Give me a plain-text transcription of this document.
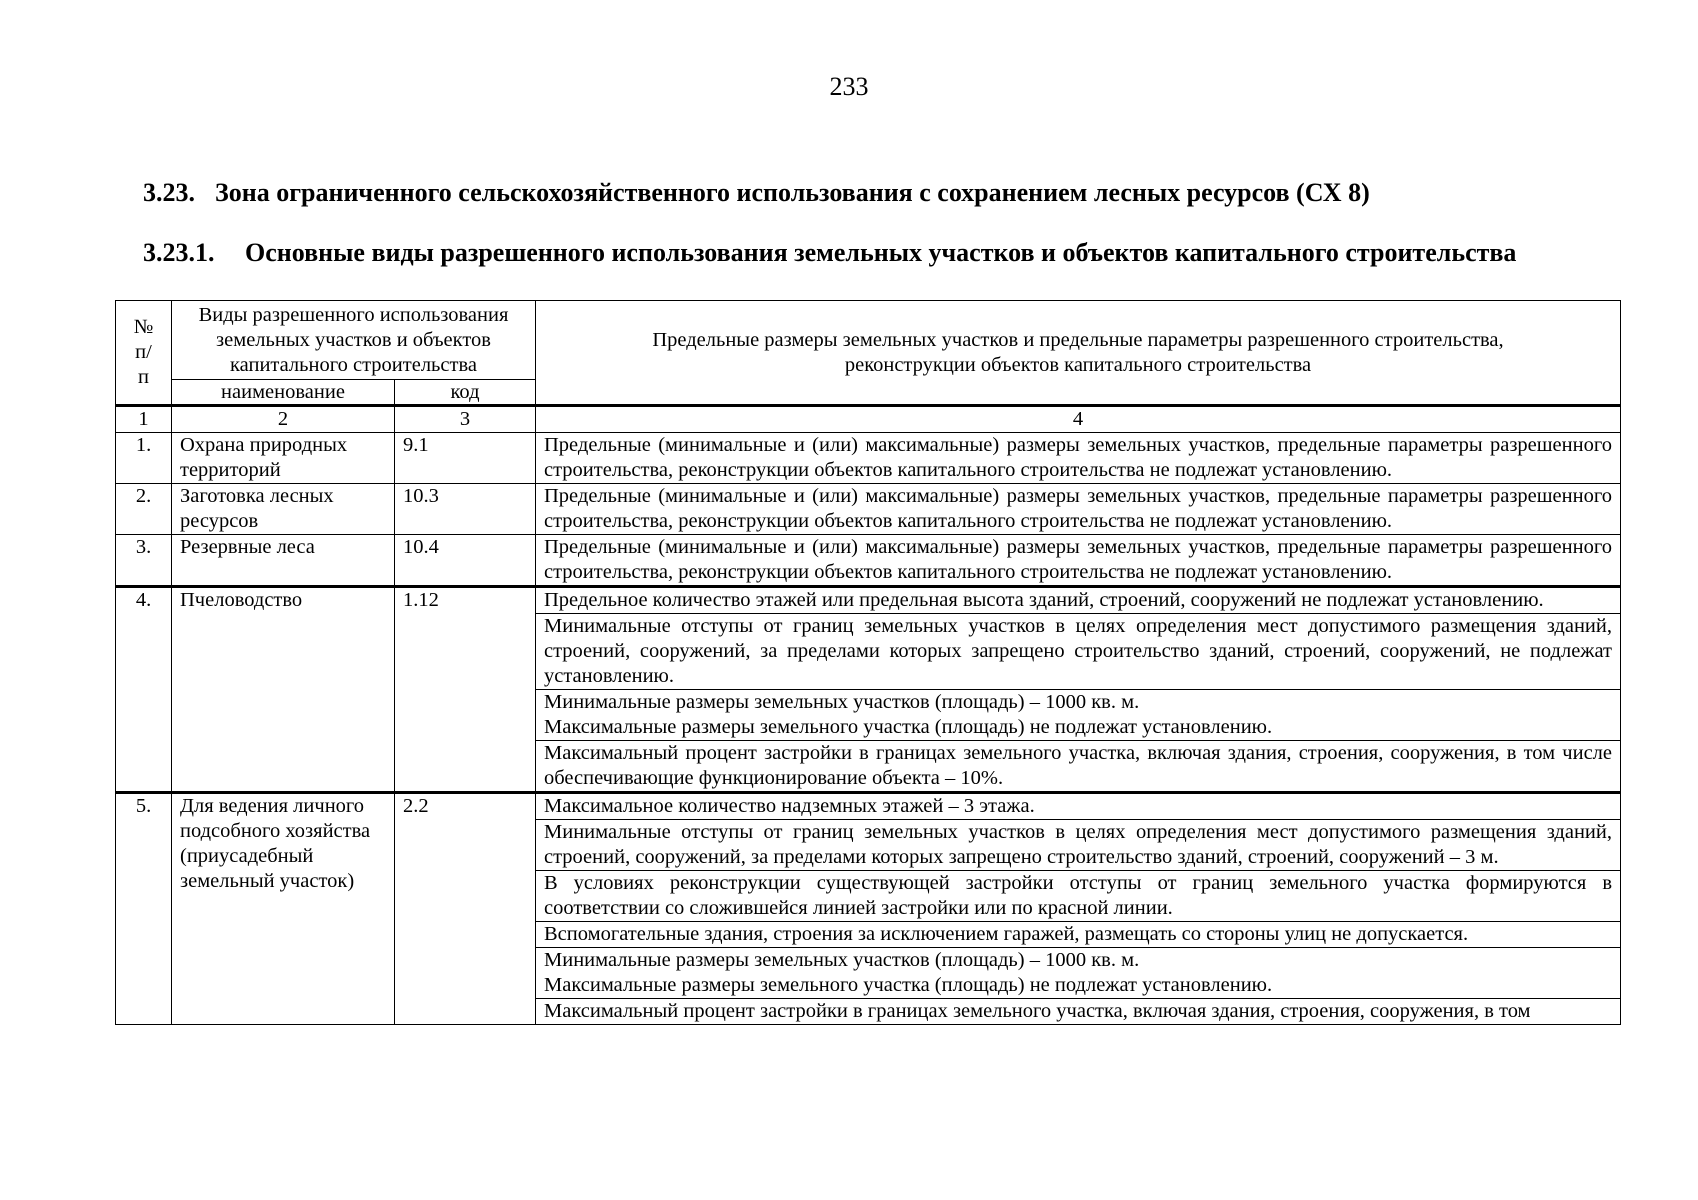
233
3.23. Зона ограниченного сельскохозяйственного использования с сохранением лесных ресурсов (СХ 8)
3.23.1. Основные виды разрешенного использования земельных участков и объектов капитального строительства
№ п/п	Виды разрешенного использования земельных участков и объектов капитального строительства		Предельные размеры земельных участков и предельные параметры разрешенного строительства, реконструкции объектов капитального строительства
	наименование	код	
1	2	3	4
1.	Охрана природных территорий	9.1	Предельные (минимальные и (или) максимальные) размеры земельных участков, предельные параметры разрешенного строительства, реконструкции объектов капитального строительства не подлежат установлению.
2.	Заготовка лесных ресурсов	10.3	Предельные (минимальные и (или) максимальные) размеры земельных участков, предельные параметры разрешенного строительства, реконструкции объектов капитального строительства не подлежат установлению.
3.	Резервные леса	10.4	Предельные (минимальные и (или) максимальные) размеры земельных участков, предельные параметры разрешенного строительства, реконструкции объектов капитального строительства не подлежат установлению.
4.	Пчеловодство	1.12	Предельное количество этажей или предельная высота зданий, строений, сооружений не подлежат установлению.
			Минимальные отступы от границ земельных участков в целях определения мест допустимого размещения зданий, строений, сооружений, за пределами которых запрещено строительство зданий, строений, сооружений, не подлежат установлению.
			Минимальные размеры земельных участков (площадь) – 1000 кв. м.
Максимальные размеры земельного участка (площадь) не подлежат установлению.
			Максимальный процент застройки в границах земельного участка, включая здания, строения, сооружения, в том числе обеспечивающие функционирование объекта – 10%.
5.	Для ведения личного подсобного хозяйства (приусадебный земельный участок)	2.2	Максимальное количество надземных этажей – 3 этажа.
			Минимальные отступы от границ земельных участков в целях определения мест допустимого размещения зданий, строений, сооружений, за пределами которых запрещено строительство зданий, строений, сооружений – 3 м.
			В условиях реконструкции существующей застройки отступы от границ земельного участка формируются в соответствии со сложившейся линией застройки или по красной линии.
			Вспомогательные здания, строения за исключением гаражей, размещать со стороны улиц не допускается.
			Минимальные размеры земельных участков (площадь) – 1000 кв. м.
Максимальные размеры земельного участка (площадь) не подлежат установлению.
			Максимальный процент застройки в границах земельного участка, включая здания, строения, сооружения, в том
